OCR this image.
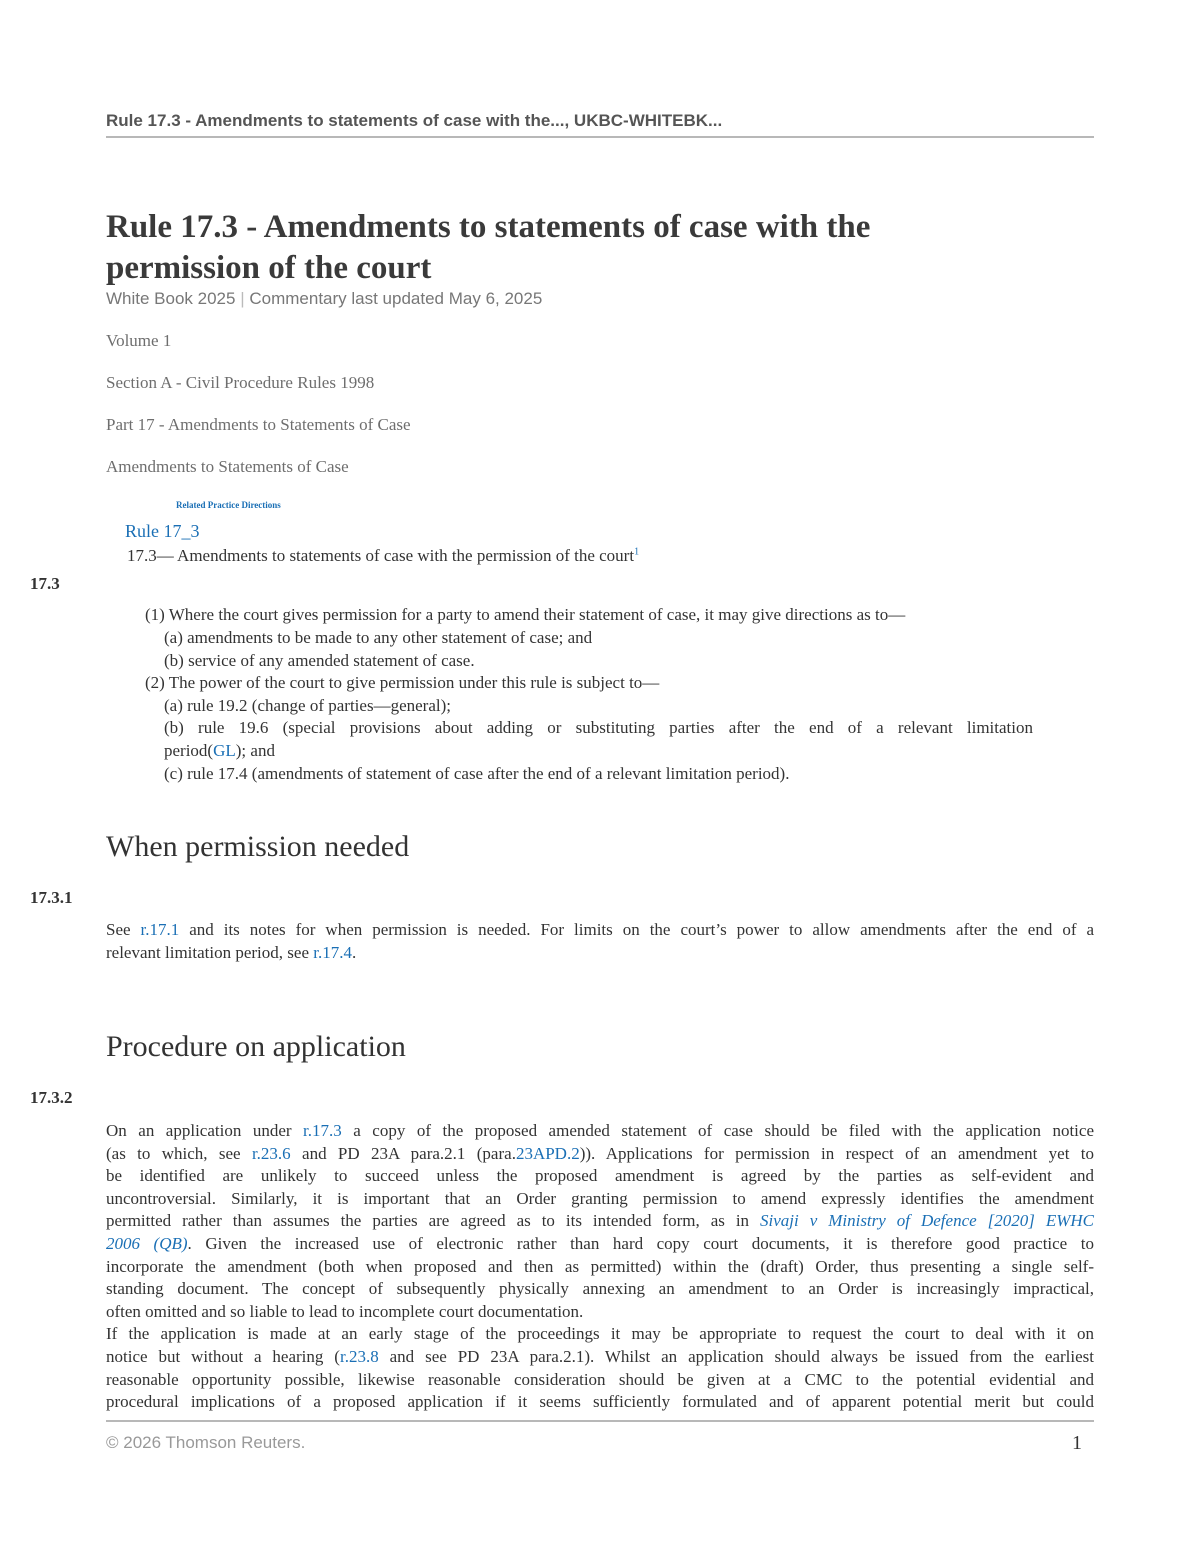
Rule 17.3 - Amendments to statements of case with the..., UKBC-WHITEBK...
Rule 17.3 - Amendments to statements of case with the
permission of the court
White Book 2025 | Commentary last updated May 6, 2025
Volume 1
Section A - Civil Procedure Rules 1998
Part 17 - Amendments to Statements of Case
Amendments to Statements of Case
Related Practice Directions
Rule 17_3
17.3— Amendments to statements of case with the permission of the court$^1$
17.3
(1) Where the court gives permission for a party to amend their statement of case, it may give directions as to—
(a) amendments to be made to any other statement of case; and
(b) service of any amended statement of case.
(2) The power of the court to give permission under this rule is subject to—
(a) rule 19.2 (change of parties—general);
(b) rule 19.6 (special provisions about adding or substituting parties after the end of a relevant limitation
period(GL); and
(c) rule 17.4 (amendments of statement of case after the end of a relevant limitation period).
When permission needed
17.3.1
See r.17.1 and its notes for when permission is needed. For limits on the court’s power to allow amendments after the end of a
relevant limitation period, see r.17.4.
Procedure on application
17.3.2
On an application under r.17.3 a copy of the proposed amended statement of case should be filed with the application notice
(as to which, see r.23.6 and PD 23A para.2.1 (para.23APD.2)). Applications for permission in respect of an amendment yet to
be identified are unlikely to succeed unless the proposed amendment is agreed by the parties as self-evident and
uncontroversial. Similarly, it is important that an Order granting permission to amend expressly identifies the amendment
permitted rather than assumes the parties are agreed as to its intended form, as in Sivaji v Ministry of Defence [2020] EWHC
2006 (QB). Given the increased use of electronic rather than hard copy court documents, it is therefore good practice to
incorporate the amendment (both when proposed and then as permitted) within the (draft) Order, thus presenting a single self-
standing document. The concept of subsequently physically annexing an amendment to an Order is increasingly impractical,
often omitted and so liable to lead to incomplete court documentation.
If the application is made at an early stage of the proceedings it may be appropriate to request the court to deal with it on
notice but without a hearing (r.23.8 and see PD 23A para.2.1). Whilst an application should always be issued from the earliest
reasonable opportunity possible, likewise reasonable consideration should be given at a CMC to the potential evidential and
procedural implications of a proposed application if it seems sufficiently formulated and of apparent potential merit but could
© 2026 Thomson Reuters.	1
